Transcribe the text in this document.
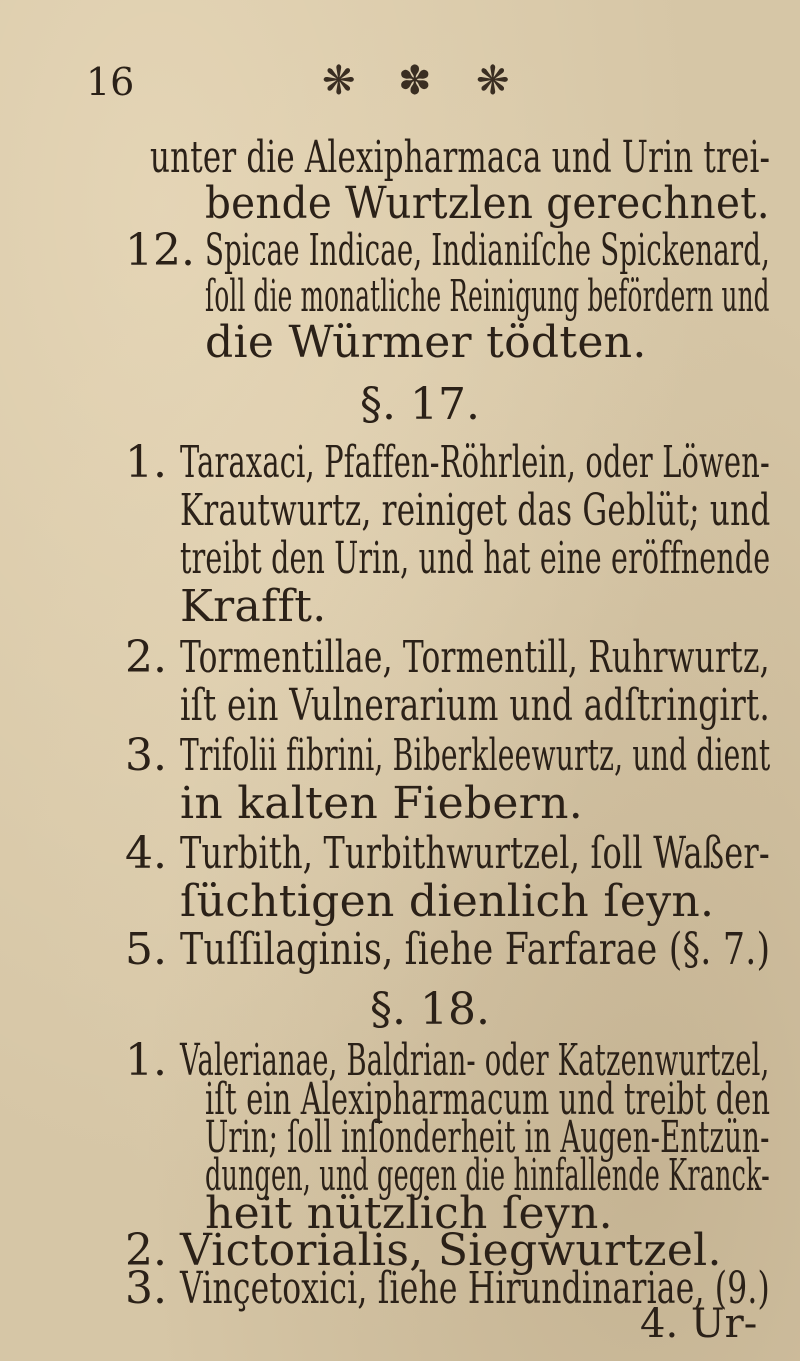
16	❋ ✽ ❋
unter die Alexipharmaca und Urin trei-
bende Wurtzlen gerechnet.
12. Spicae Indicae, Indianiſche Spickenard,
ſoll die monatliche Reinigung befördern und
die Würmer tödten.
§. 17.
1. Taraxaci, Pfaffen-Röhrlein, oder Löwen-
Krautwurtz, reiniget das Geblüt; und
treibt den Urin, und hat eine eröffnende
Krafft.
2. Tormentillae, Tormentill, Ruhrwurtz,
iſt ein Vulnerarium und adſtringirt.
3. Trifolii fibrini, Biberkleewurtz, und dient
in kalten Fiebern.
4. Turbith, Turbithwurtzel, ſoll Waßer-
ſüchtigen dienlich ſeyn.
5. Tuſſilaginis, ſiehe Farfarae (§. 7.)
§. 18.
1. Valerianae, Baldrian- oder Katzenwurtzel,
iſt ein Alexipharmacum und treibt den
Urin; ſoll inſonderheit in Augen-Entzün-
dungen, und gegen die hinfallende Kranck-
heit nützlich ſeyn.
2. Victorialis, Siegwurtzel.
3. Vinçetoxici, ſiehe Hirundinariae, (9.)
4. Ur-
